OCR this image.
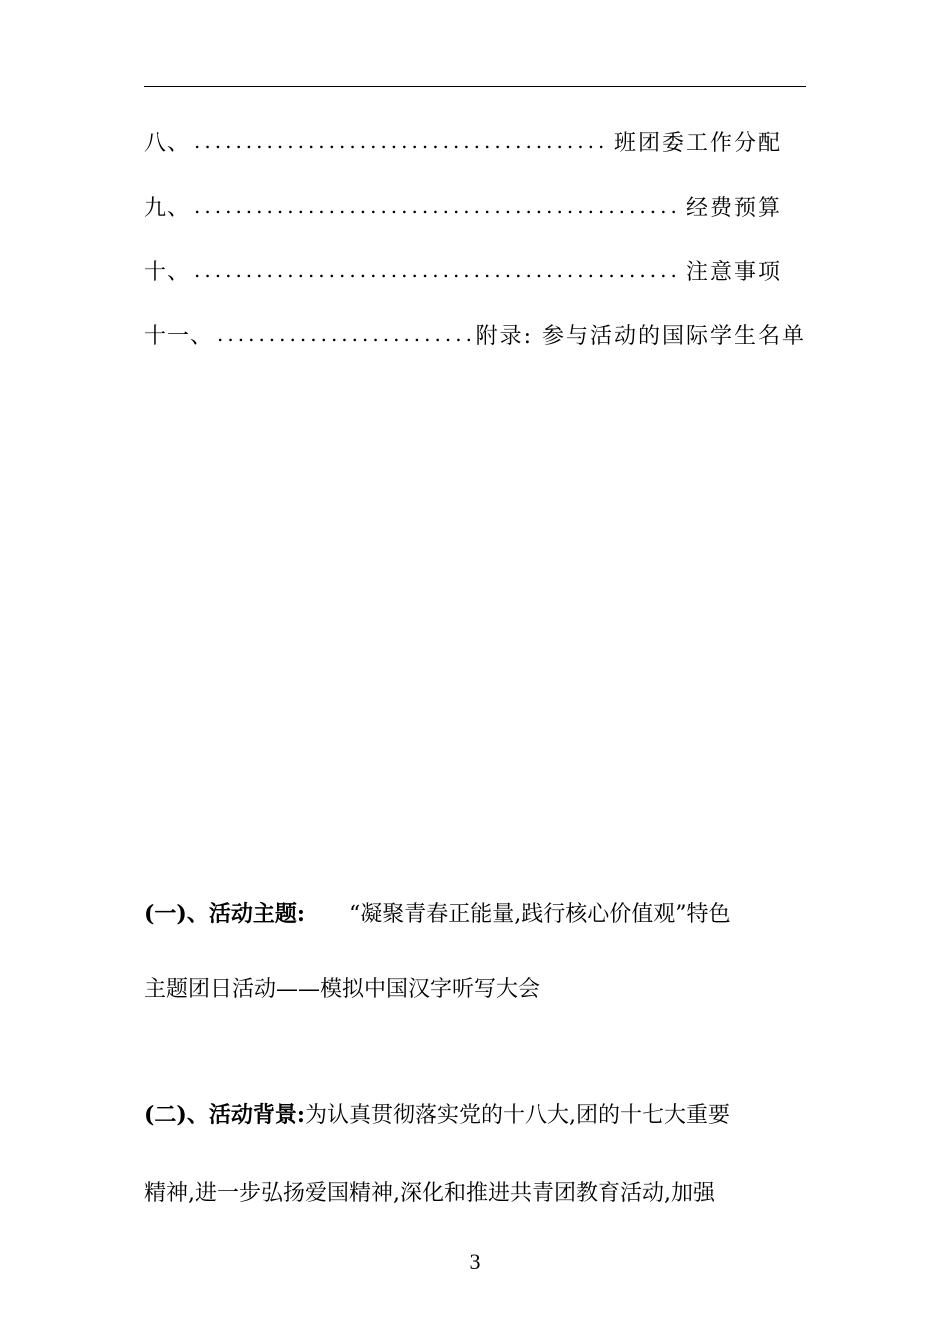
八、 .....	班团委工作分配
九、 .....	经费预算
十、 .....	注意事项
十一、 .....	附录: 参与活动的国际学生名单
(一)、活动主题: “凝聚青春正能量,践行核心价值观”特色
主题团日活动——模拟中国汉字听写大会
(二)、活动背景:为认真贯彻落实党的十八大,团的十七大重要
精神,进一步弘扬爱国精神,深化和推进共青团教育活动,加强
3
